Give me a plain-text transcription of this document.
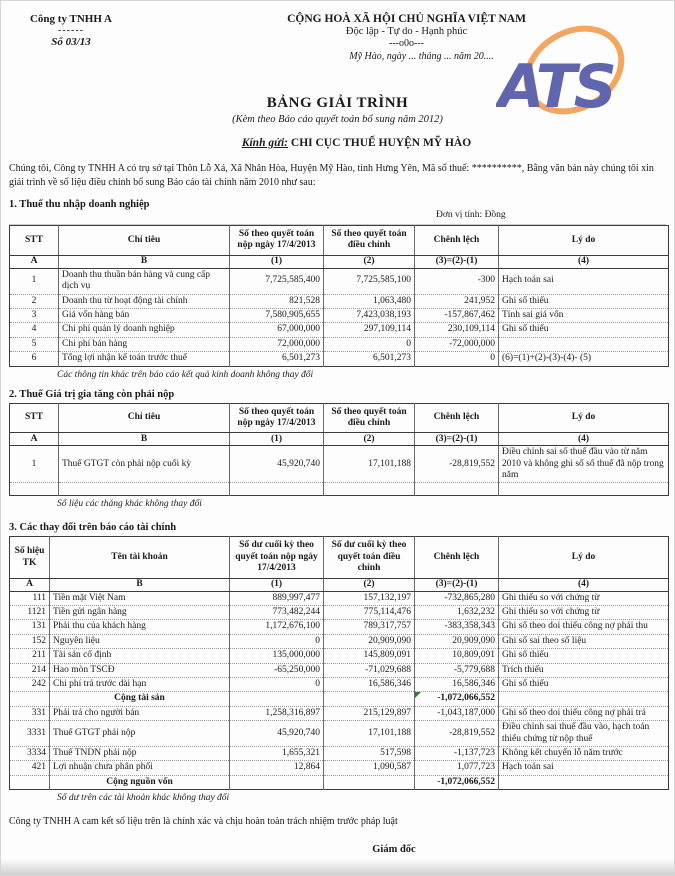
Công ty TNHH A
------
Số 03/13
CỘNG HOÀ XÃ HỘI CHỦ NGHĨA VIỆT NAM
Độc lập - Tự do - Hạnh phúc
---o0o---
Mỹ Hào, ngày ... tháng ... năm 20.... ATS
BẢNG GIẢI TRÌNH
(Kèm theo Báo cáo quyết toán bổ sung năm 2012)
Kính gửi: CHI CỤC THUẾ HUYỆN MỸ HÀO

Chúng tôi, Công ty TNHH A có trụ sở tại Thôn Lỗ Xá, Xã Nhân Hòa, Huyện Mỹ Hào, tỉnh Hưng Yên, Mã số thuế: **********, Bằng văn bản này chúng tôi xin giải trình về số liệu điều chỉnh bổ sung Báo cáo tài chính năm 2010 như sau:

1. Thuế thu nhập doanh nghiệp
Đơn vị tính: Đồng
STT	Chỉ tiêu	Số theo quyết toán nộp ngày 17/4/2013	Số theo quyết toán điều chỉnh	Chênh lệch	Lý do
A	B	(1)	(2)	(3)=(2)-(1)	(4)
1	Doanh thu thuần bán hàng và cung cấp dịch vụ	7,725,585,400	7,725,585,100	-300	Hạch toán sai
2	Doanh thu từ hoạt động tài chính	821,528	1,063,480	241,952	Ghi sổ thiếu
3	Giá vốn hàng bán	7,580,905,655	7,423,038,193	-157,867,462	Tính sai giá vốn
4	Chi phí quản lý doanh nghiệp	67,000,000	297,109,114	230,109,114	Ghi sổ thiếu
5	Chi phí bán hàng	72,000,000	0	-72,000,000	
6	Tổng lợi nhận kế toán trước thuế	6,501,273	6,501,273	0	(6)=(1)+(2)-(3)-(4)- (5)
Các thông tin khác trên báo cáo kết quả kinh doanh không thay đổi
2. Thuế Giá trị gia tăng còn phải nộp
STT	Chỉ tiêu	Số theo quyết toán nộp ngày 17/4/2013	Số theo quyết toán điều chỉnh	Chênh lệch	Lý do
A	B	(1)	(2)	(3)=(2)-(1)	(4)
1	Thuế GTGT còn phải nộp cuối kỳ	45,920,740	17,101,188	-28,819,552	Điều chỉnh sai số thuế đầu vào từ năm 2010 và không ghi sổ số thuế đã nộp trong năm

Số liệu các tháng khác không thay đổi
3. Các thay đổi trên báo cáo tài chính
Số hiệu TK	Tên tài khoản	Số dư cuối kỳ theo quyết toán nộp ngày 17/4/2013	Số dư cuối kỳ theo quyết toán điều chỉnh	Chênh lệch	Lý do
A	B	(1)	(2)	(3)=(2)-(1)	(4)
111	Tiền mặt Việt Nam	889,997,477	157,132,197	-732,865,280	Ghi thiếu so với chứng từ
1121	Tiền gửi ngân hàng	773,482,244	775,114,476	1,632,232	Ghi thiếu so với chứng từ
131	Phải thu của khách hàng	1,172,676,100	789,317,757	-383,358,343	Ghi sổ theo doi thiếu công nợ phải thu
152	Nguyên liệu	0	20,909,090	20,909,090	Ghi sổ sai theo số liệu
211	Tài sản cố định	135,000,000	145,809,091	10,809,091	Ghi sổ thiếu
214	Hao mòn TSCĐ	-65,250,000	-71,029,688	-5,779,688	Trích thiếu
242	Chi phí trả trước dài hạn	0	16,586,346	16,586,346	Ghi sổ thiếu
	Cộng tài sản			-1,072,066,552	
331	Phải trả cho người bán	1,258,316,897	215,129,897	-1,043,187,000	Ghi sổ theo doi thiếu công nợ phải trả
3331	Thuế GTGT phải nộp	45,920,740	17,101,188	-28,819,552	Điều chỉnh sai thuế đầu vào, hạch toán thiếu chứng từ nộp thuế
3334	Thuế TNDN phải nộp	1,655,321	517,598	-1,137,723	Không kết chuyển lỗ năm trước
421	Lợi nhuận chưa phân phối	12,864	1,090,587	1,077,723	Hạch toán sai
	Cộng nguồn vốn			-1,072,066,552	
Số dư trên các tài khoản khác không thay đổi

Công ty TNHH A cam kết số liệu trên là chính xác và chịu hoàn toàn trách nhiệm trước pháp luật

Giám đốc
